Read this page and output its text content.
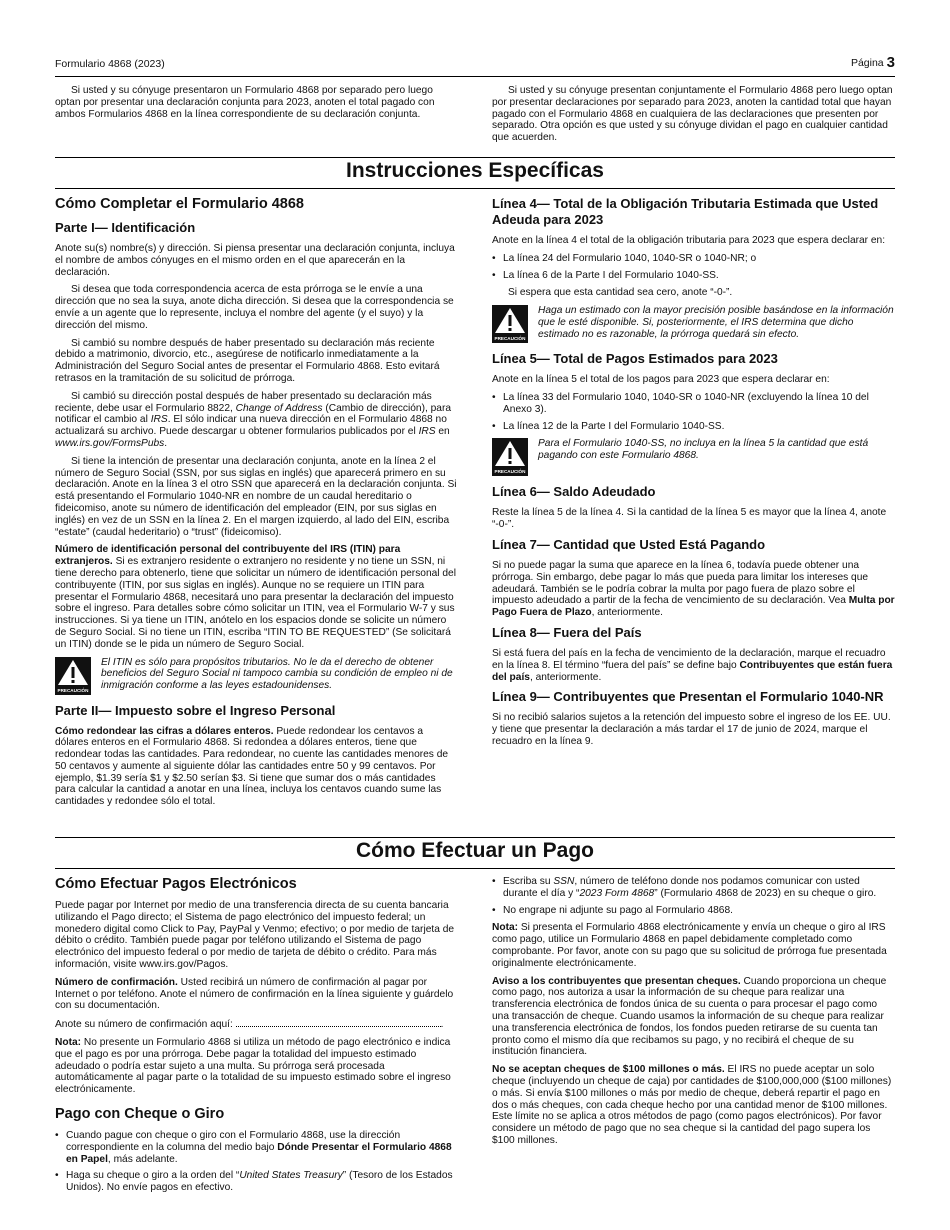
Formulario 4868 (2023)	Página 3

Si usted y su cónyuge presentaron un Formulario 4868 por separado pero luego optan por presentar una declaración conjunta para 2023, anoten el total pagado con ambos Formularios 4868 en la línea correspondiente de su declaración conjunta.

Si usted y su cónyuge presentan conjuntamente el Formulario 4868 pero luego optan por presentar declaraciones por separado para 2023, anoten la cantidad total que hayan pagado con el Formulario 4868 en cualquiera de las declaraciones que presenten por separado. Otra opción es que usted y su cónyuge dividan el pago en cualquier cantidad que acuerden.

Instrucciones Específicas
Cómo Completar el Formulario 4868
Parte I— Identificación

Anote su(s) nombre(s) y dirección. Si piensa presentar una declaración conjunta, incluya el nombre de ambos cónyuges en el mismo orden en el que aparecerán en la declaración.

Si desea que toda correspondencia acerca de esta prórroga se le envíe a una dirección que no sea la suya, anote dicha dirección. Si desea que la correspondencia se envíe a un agente que lo represente, incluya el nombre del agente (y el suyo) y la dirección del mismo.

Si cambió su nombre después de haber presentado su declaración más reciente debido a matrimonio, divorcio, etc., asegúrese de notificarlo inmediatamente a la Administración del Seguro Social antes de presentar el Formulario 4868. Esto evitará retrasos en la tramitación de su solicitud de prórroga.

Si cambió su dirección postal después de haber presentado su declaración más reciente, debe usar el Formulario 8822, Change of Address (Cambio de dirección), para notificar el cambio al IRS. El sólo indicar una nueva dirección en el Formulario 4868 no actualizará su archivo. Puede descargar u obtener formularios publicados por el IRS en www.irs.gov/FormsPubs.

Si tiene la intención de presentar una declaración conjunta, anote en la línea 2 el número de Seguro Social (SSN, por sus siglas en inglés) que aparecerá primero en su declaración. Anote en la línea 3 el otro SSN que aparecerá en la declaración conjunta. Si está presentando el Formulario 1040-NR en nombre de un caudal hereditario o fideicomiso, anote su número de identificación del empleador (EIN, por sus siglas en inglés) en vez de un SSN en la línea 2. En el margen izquierdo, al lado del EIN, escriba “estate” (caudal hederitario) o “trust” (fideicomiso).

Número de identificación personal del contribuyente del IRS (ITIN) para extranjeros. Si es extranjero residente o extranjero no residente y no tiene un SSN, ni tiene derecho para obtenerlo, tiene que solicitar un número de identificación personal del contribuyente (ITIN, por sus siglas en inglés). Aunque no se requiere un ITIN para presentar el Formulario 4868, necesitará uno para presentar la declaración del impuesto sobre el ingreso. Para detalles sobre cómo solicitar un ITIN, vea el Formulario W-7 y sus instrucciones. Si ya tiene un ITIN, anótelo en los espacios donde se solicite un número de Seguro Social. Si no tiene un ITIN, escriba “ITIN TO BE REQUESTED” (Se solicitará un ITIN) donde se le pida un número de Seguro Social.

PRECAUCIÓN

El ITIN es sólo para propósitos tributarios. No le da el derecho de obtener beneficios del Seguro Social ni tampoco cambia su condición de empleo ni de inmigración conforme a las leyes estadounidenses.

Parte II— Impuesto sobre el Ingreso Personal

Cómo redondear las cifras a dólares enteros. Puede redondear los centavos a dólares enteros en el Formulario 4868. Si redondea a dólares enteros, tiene que redondear todas las cantidades. Para redondear, no cuente las cantidades menores de 50 centavos y aumente al siguiente dólar las cantidades entre 50 y 99 centavos. Por ejemplo, $1.39 sería $1 y $2.50 serían $3. Si tiene que sumar dos o más cantidades para calcular la cantidad a anotar en una línea, incluya los centavos cuando sume las cantidades y redondee sólo el total.

Línea 4— Total de la Obligación Tributaria Estimada que Usted Adeuda para 2023

Anote en la línea 4 el total de la obligación tributaria para 2023 que espera declarar en:

• La línea 24 del Formulario 1040, 1040-SR o 1040-NR; o
• La línea 6 de la Parte I del Formulario 1040-SS.

Si espera que esta cantidad sea cero, anote “-0-”.

PRECAUCIÓN

Haga un estimado con la mayor precisión posible basándose en la información que le esté disponible. Si, posteriormente, el IRS determina que dicho estimado no es razonable, la prórroga quedará sin efecto.

Línea 5— Total de Pagos Estimados para 2023

Anote en la línea 5 el total de los pagos para 2023 que espera declarar en:

• La línea 33 del Formulario 1040, 1040-SR o 1040-NR (excluyendo la línea 10 del Anexo 3).
• La línea 12 de la Parte I del Formulario 1040-SS.
PRECAUCIÓN

Para el Formulario 1040-SS, no incluya en la línea 5 la cantidad que está pagando con este Formulario 4868.

Línea 6— Saldo Adeudado

Reste la línea 5 de la línea 4. Si la cantidad de la línea 5 es mayor que la línea 4, anote “-0-”.

Línea 7— Cantidad que Usted Está Pagando

Si no puede pagar la suma que aparece en la línea 6, todavía puede obtener una prórroga. Sin embargo, debe pagar lo más que pueda para limitar los intereses que adeudará. También se le podría cobrar la multa por pago fuera de plazo sobre el impuesto adeudado a partir de la fecha de vencimiento de su declaración. Vea Multa por Pago Fuera de Plazo, anteriormente.

Línea 8— Fuera del País

Si está fuera del país en la fecha de vencimiento de la declaración, marque el recuadro en la línea 8. El término “fuera del país” se define bajo Contribuyentes que están fuera del país, anteriormente.

Línea 9— Contribuyentes que Presentan el Formulario 1040-NR

Si no recibió salarios sujetos a la retención del impuesto sobre el ingreso de los EE. UU. y tiene que presentar la declaración a más tardar el 17 de junio de 2024, marque el recuadro en la línea 9.

Cómo Efectuar un Pago
Cómo Efectuar Pagos Electrónicos

Puede pagar por Internet por medio de una transferencia directa de su cuenta bancaria utilizando el Pago directo; el Sistema de pago electrónico del impuesto federal; un monedero digital como Click to Pay, PayPal y Venmo; efectivo; o por medio de tarjeta de débito o crédito. También puede pagar por teléfono utilizando el Sistema de pago electrónico del impuesto federal o por medio de tarjeta de débito o crédito. Para más información, visite www.irs.gov/Pagos.

Número de confirmación. Usted recibirá un número de confirmación al pagar por Internet o por teléfono. Anote el número de confirmación en la línea siguiente y guárdelo con su documentación.

Anote su número de confirmación aquí:	.

Nota: No presente un Formulario 4868 si utiliza un método de pago electrónico e indica que el pago es por una prórroga. Debe pagar la totalidad del impuesto estimado adeudado o podría estar sujeto a una multa. Su prórroga será procesada automáticamente al pagar parte o la totalidad de su impuesto estimado sobre el ingreso electrónicamente.

Pago con Cheque o Giro
• Cuando pague con cheque o giro con el Formulario 4868, use la dirección correspondiente en la columna del medio bajo Dónde Presentar el Formulario 4868 en Papel, más adelante.
• Haga su cheque o giro a la orden del “United States Treasury” (Tesoro de los Estados Unidos). No envíe pagos en efectivo.
• Escriba su SSN, número de teléfono donde nos podamos comunicar con usted durante el día y “2023 Form 4868” (Formulario 4868 de 2023) en su cheque o giro.
• No engrape ni adjunte su pago al Formulario 4868.

Nota: Si presenta el Formulario 4868 electrónicamente y envía un cheque o giro al IRS como pago, utilice un Formulario 4868 en papel debidamente completado como comprobante. Por favor, anote con su pago que su solicitud de prórroga fue presentada originalmente electrónicamente.

Aviso a los contribuyentes que presentan cheques. Cuando proporciona un cheque como pago, nos autoriza a usar la información de su cheque para realizar una transferencia electrónica de fondos única de su cuenta o para procesar el pago como una transacción de cheque. Cuando usamos la información de su cheque para realizar una transferencia electrónica de fondos, los fondos pueden retirarse de su cuenta tan pronto como el mismo día que recibamos su pago, y no recibirá el cheque de su institución financiera.

No se aceptan cheques de $100 millones o más. El IRS no puede aceptar un solo cheque (incluyendo un cheque de caja) por cantidades de $100,000,000 ($100 millones) o más. Si envía $100 millones o más por medio de cheque, deberá repartir el pago en dos o más cheques, con cada cheque hecho por una cantidad menor de $100 millones. Este límite no se aplica a otros métodos de pago (como pagos electrónicos). Por favor considere un método de pago que no sea cheque si la cantidad del pago supera los $100 millones.
